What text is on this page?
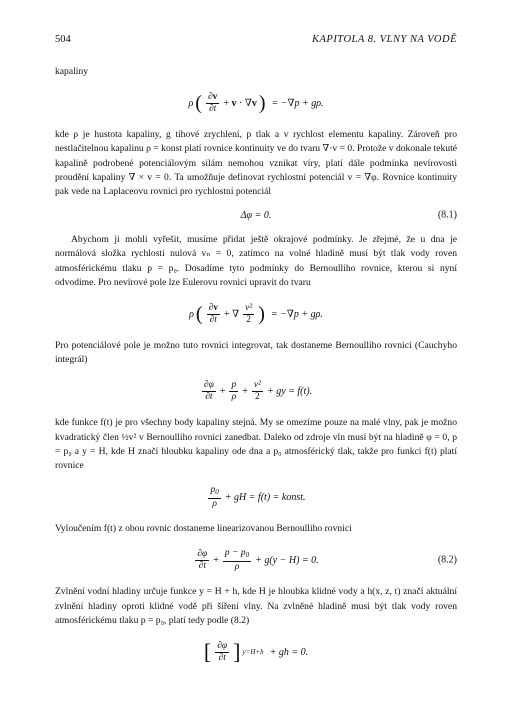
504	KAPITOLA 8. VLNY NA VODĚ

kapaliny

ρ ( $\frac{\partial v}{\partial t} + v \cdot \nabla v$ ) = −∇p + gρ.

kde ρ je hustota kapaliny, g tíhové zrychlení, p tlak a v rychlost elementu kapaliny. Zároveň pro nestlačitelnou kapalinu ρ = konst platí rovnice kontinuity ve do tvaru ∇·v = 0. Protože v dokonale tekuté kapalině podrobené potenciálovým silám nemohou vznikat víry, platí dále podmínka nevírovosti proudění kapaliny ∇ × v = 0. Ta umožňuje definovat rychlostní potenciál v = ∇φ. Rovnice kontinuity pak vede na Laplaceovu rovnici pro rychlostní potenciál

Δφ = 0.	(8.1)

Abychom ji mohli vyřešit, musíme přidat ještě okrajové podmínky. Je zřejmé, že u dna je normálová složka rychlosti nulová vₙ = 0, zatímco na volné hladině musí být tlak vody roven atmosférickému tlaku p = p₀. Dosadíme tyto podmínky do Bernoulliho rovnice, kterou si nyní odvodíme. Pro nevírové pole lze Eulerovu rovnici upravit do tvaru

ρ ( $\frac{\partial v}{\partial t}$ + ∇ $\frac{\text{v²}}{2}$ ) = −∇p + gρ.

Pro potenciálové pole je možno tuto rovnici integrovat, tak dostaneme Bernoulliho rovnici (Cauchyho integrál)

$\frac{\partial\varphi}{\partial t} + \frac{p}{\rho} + \frac{\text{v²}}{2}$ + gy = f(t).

kde funkce f(t) je pro všechny body kapaliny stejná. My se omezíme pouze na malé vlny, pak je možno kvadratický člen ½v² v Bernoulliho rovnici zanedbat. Daleko od zdroje vln musí být na hladině φ = 0, p = p₀ a y = H, kde H značí hloubku kapaliny ode dna a p₀ atmosférický tlak, takže pro funkci f(t) platí rovnice

$\frac{p_0}{\rho}$ + gH = f(t) = konst.

Vyloučením f(t) z obou rovnic dostaneme linearizovanou Bernoulliho rovnici

$\frac{\partial\varphi}{\partial t} + \frac{p - p_0}{\rho} + g(y - H) = 0$.	(8.2)

Zvlnění vodní hladiny určuje funkce y = H + h, kde H je hloubka klidné vody a h(x, z, t) značí aktuální zvlnění hladiny oproti klidné vodě při šíření vlny. Na zvlněné hladině musí být tlak vody roven atmosférickému tlaku p = p₀, platí tedy podle (8.2)

[ $\frac{\partial\varphi}{\partial t}$ ] y=H+h + gh = 0.
